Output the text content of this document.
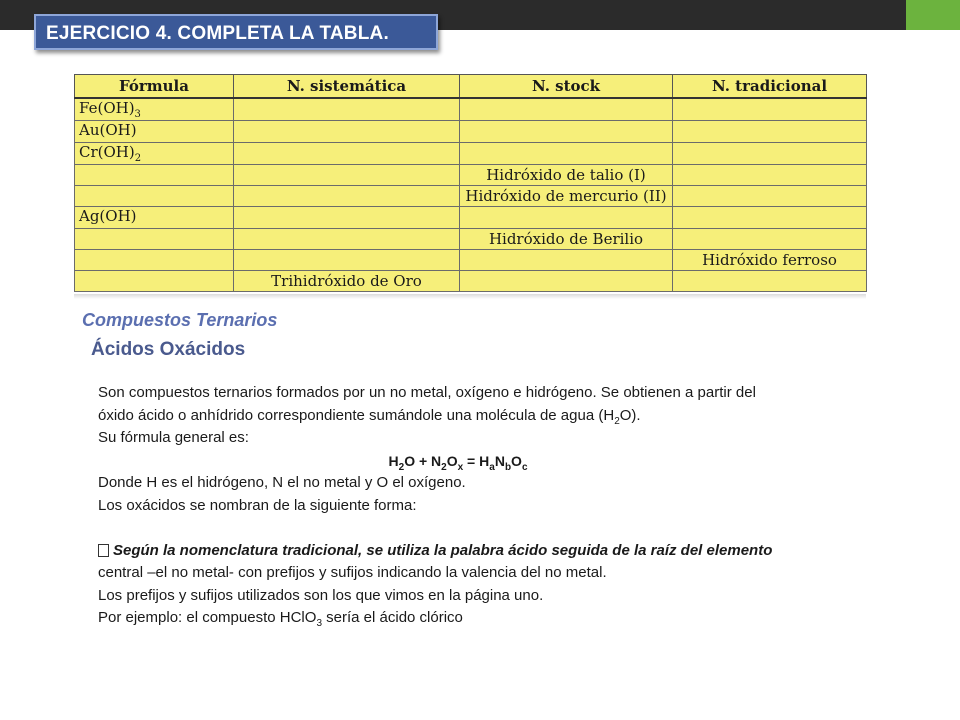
EJERCICIO 4. COMPLETA LA TABLA.
Fórmula	N. sistemática	N. stock	N. tradicional
$Fe(OH)_3$			
Au(OH)			
$Cr(OH)_2$			
		Hidróxido de talio (I)	
		Hidróxido de mercurio (II)	
Ag(OH)			
		Hidróxido de Berilio	
			Hidróxido ferroso
	Trihidróxido de Oro		
Compuestos Ternarios
Ácidos Oxácidos
Son compuestos ternarios formados por un no metal, oxígeno e hidrógeno. Se obtienen a partir del
óxido ácido o anhídrido correspondiente sumándole una molécula de agua $(H_2O)$.
Su fórmula general es:
$H_2O + N_2O_x = H_aN_bO_c$
Donde H es el hidrógeno, N el no metal y O el oxígeno.
Los oxácidos se nombran de la siguiente forma:
Según la nomenclatura tradicional, se utiliza la palabra ácido seguida de la raíz del elemento
central –el no metal- con prefijos y sufijos indicando la valencia del no metal.
Los prefijos y sufijos utilizados son los que vimos en la página uno.
Por ejemplo: el compuesto HClO$_3$ sería el ácido clórico
